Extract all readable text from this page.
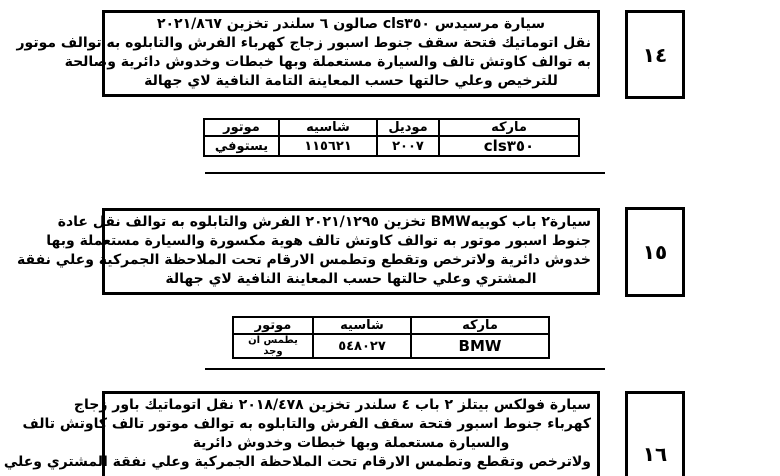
سيارة مرسيدس cls٣٥٠ صالون ٦ سلندر تخزين ٢٠٢١/٨٦٧
نقل اتوماتيك فتحة سقف جنوط اسبور زجاج كهرباء الفرش والتابلوه به توالف موتور
به توالف كاوتش تالف والسيارة مستعملة وبها خبطات وخدوش دائرية وصالحة
للترخيص وعلي حالتها حسب المعاينة التامة النافية لاي جهالة
١٤
ماركه	موديل	شاسيه	موتور
cls٣٥٠	٢٠٠٧	١١٥٦٢١	يستوفي
سيارة٢ باب كوبيهBMW تخزين ٢٠٢١/١٢٩٥ الفرش والتابلوه به توالف نقل عادة
جنوط اسبور موتور به توالف كاوتش تالف هوية مكسورة والسيارة مستعملة وبها
خدوش دائرية ولاترخص وتقطع وتطمس الارقام تحت الملاحظة الجمركية وعلي نفقة
المشتري وعلي حالتها حسب المعاينة النافية لاي جهالة
١٥
ماركه	شاسيه	موتور
BMW	٥٤٨٠٢٧	يطمس ان وجد
سيارة فولكس بيتلز ٢ باب ٤ سلندر تخزين ٢٠١٨/٤٧٨ نقل اتوماتيك باور زجاج
كهرباء جنوط اسبور فتحة سقف الفرش والتابلوه به توالف موتور تالف كاوتش تالف
والسيارة مستعملة وبها خبطات وخدوش دائرية
ولاترخص وتقطع وتطمس الارقام تحت الملاحظة الجمركية وعلي نفقة المشتري وعلي	١٦
